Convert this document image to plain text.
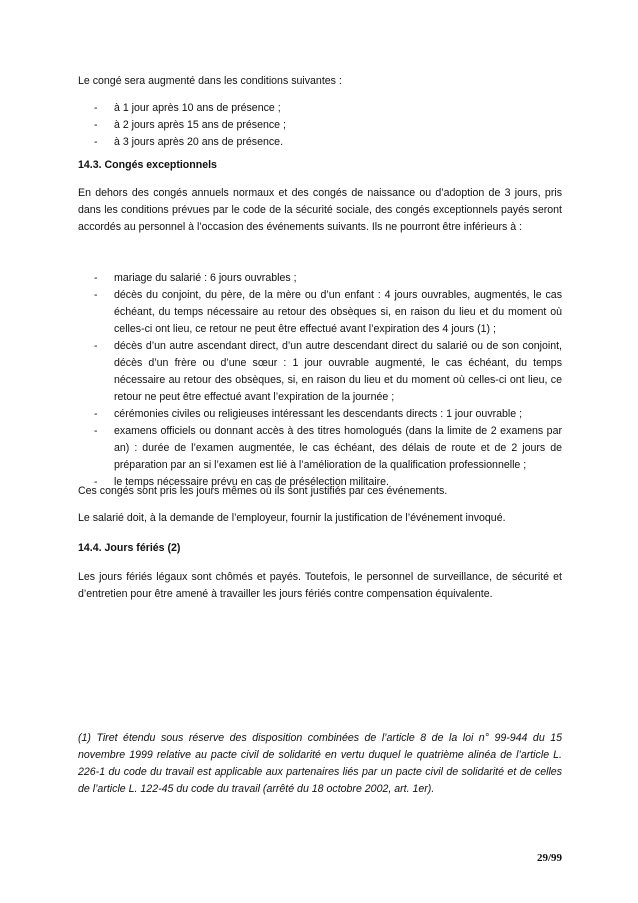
Le congé sera augmenté dans les conditions suivantes :
- à 1 jour après 10 ans de présence ;
- à 2 jours après 15 ans de présence ;
- à 3 jours après 20 ans de présence.
14.3. Congés exceptionnels
En dehors des congés annuels normaux et des congés de naissance ou d’adoption de 3 jours, pris dans les conditions prévues par le code de la sécurité sociale, des congés exceptionnels payés seront accordés au personnel à l’occasion des événements suivants. Ils ne pourront être inférieurs à :
- mariage du salarié : 6 jours ouvrables ;
- décès du conjoint, du père, de la mère ou d’un enfant : 4 jours ouvrables, augmentés, le cas échéant, du temps nécessaire au retour des obsèques si, en raison du lieu et du moment où celles-ci ont lieu, ce retour ne peut être effectué avant l’expiration des 4 jours (1) ;
- décès d’un autre ascendant direct, d’un autre descendant direct du salarié ou de son conjoint, décès d’un frère ou d’une sœur : 1 jour ouvrable augmenté, le cas échéant, du temps nécessaire au retour des obsèques, si, en raison du lieu et du moment où celles-ci ont lieu, ce retour ne peut être effectué avant l’expiration de la journée ;
- cérémonies civiles ou religieuses intéressant les descendants directs : 1 jour ouvrable ;
- examens officiels ou donnant accès à des titres homologués (dans la limite de 2 examens par an) : durée de l’examen augmentée, le cas échéant, des délais de route et de 2 jours de préparation par an si l’examen est lié à l’amélioration de la qualification professionnelle ;
- le temps nécessaire prévu en cas de présélection militaire.
Ces congés sont pris les jours mêmes où ils sont justifiés par ces événements.
Le salarié doit, à la demande de l’employeur, fournir la justification de l’événement invoqué.
14.4. Jours fériés (2)
Les jours fériés légaux sont chômés et payés. Toutefois, le personnel de surveillance, de sécurité et d’entretien pour être amené à travailler les jours fériés contre compensation équivalente.
(1) Tiret étendu sous réserve des disposition combinées de l’article 8 de la loi n° 99-944 du 15 novembre 1999 relative au pacte civil de solidarité en vertu duquel le quatrième alinéa de l’article L. 226-1 du code du travail est applicable aux partenaires liés par un pacte civil de solidarité et de celles de l’article L. 122-45 du code du travail (arrêté du 18 octobre 2002, art. 1er).
29/99
